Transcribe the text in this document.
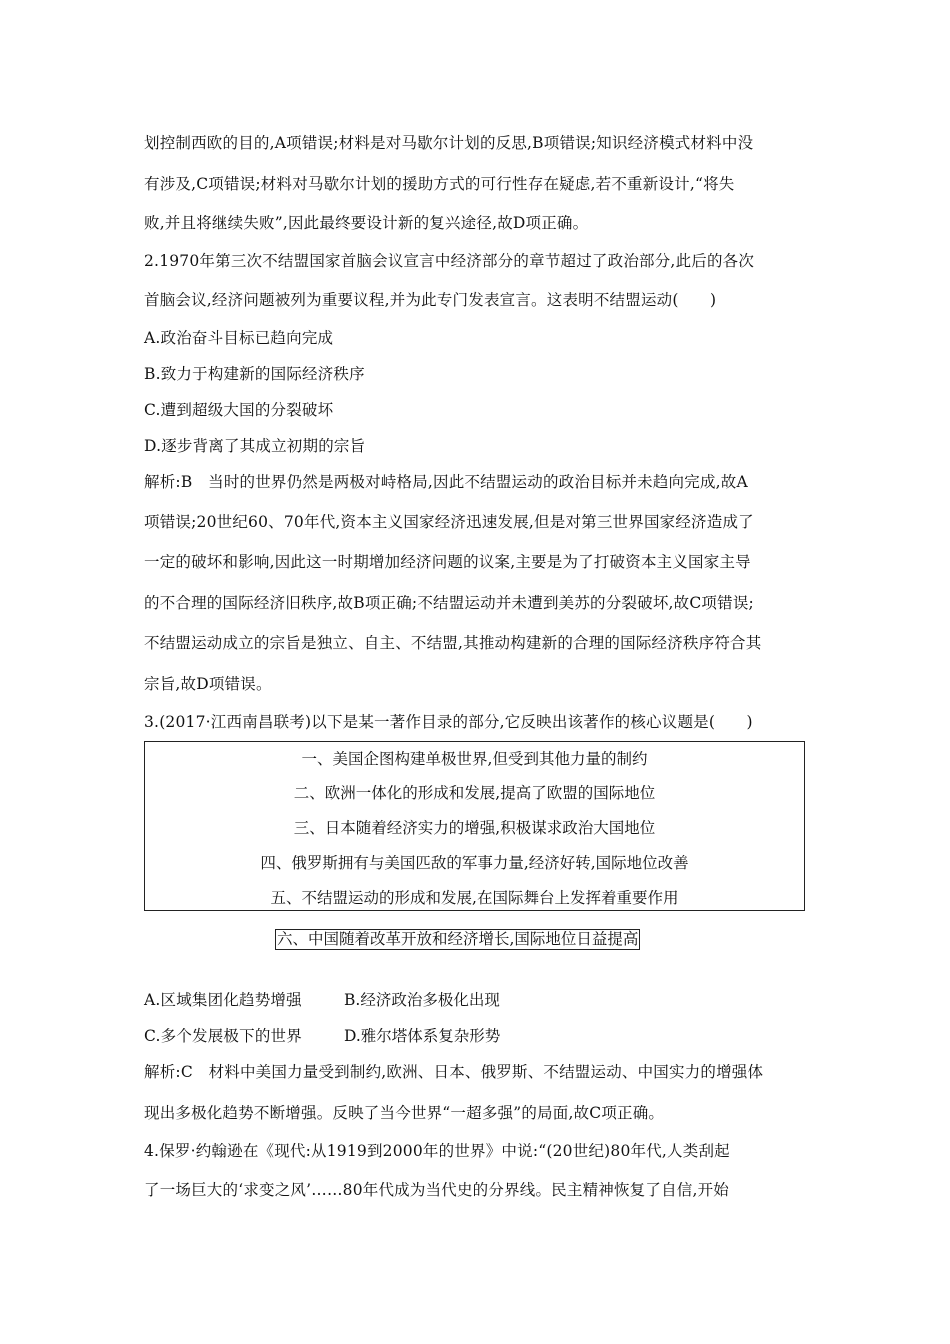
划控制西欧的目的,A项错误;材料是对马歇尔计划的反思,B项错误;知识经济模式材料中没
有涉及,C项错误;材料对马歇尔计划的援助方式的可行性存在疑虑,若不重新设计,“将失
败,并且将继续失败”,因此最终要设计新的复兴途径,故D项正确。
2.1970年第三次不结盟国家首脑会议宣言中经济部分的章节超过了政治部分,此后的各次
首脑会议,经济问题被列为重要议程,并为此专门发表宣言。这表明不结盟运动(　　)
A.政治奋斗目标已趋向完成
B.致力于构建新的国际经济秩序
C.遭到超级大国的分裂破坏
D.逐步背离了其成立初期的宗旨
解析:B　当时的世界仍然是两极对峙格局,因此不结盟运动的政治目标并未趋向完成,故A
项错误;20世纪60、70年代,资本主义国家经济迅速发展,但是对第三世界国家经济造成了
一定的破坏和影响,因此这一时期增加经济问题的议案,主要是为了打破资本主义国家主导
的不合理的国际经济旧秩序,故B项正确;不结盟运动并未遭到美苏的分裂破坏,故C项错误;
不结盟运动成立的宗旨是独立、自主、不结盟,其推动构建新的合理的国际经济秩序符合其
宗旨,故D项错误。
3.(2017·江西南昌联考)以下是某一著作目录的部分,它反映出该著作的核心议题是(　　)
一、美国企图构建单极世界,但受到其他力量的制约
二、欧洲一体化的形成和发展,提高了欧盟的国际地位
三、日本随着经济实力的增强,积极谋求政治大国地位
四、俄罗斯拥有与美国匹敌的军事力量,经济好转,国际地位改善
五、不结盟运动的形成和发展,在国际舞台上发挥着重要作用
六、中国随着改革开放和经济增长,国际地位日益提高
A.区域集团化趋势增强	B.经济政治多极化出现
C.多个发展极下的世界	D.雅尔塔体系复杂形势
解析:C　材料中美国力量受到制约,欧洲、日本、俄罗斯、不结盟运动、中国实力的增强体
现出多极化趋势不断增强。反映了当今世界“一超多强”的局面,故C项正确。
4.保罗·约翰逊在《现代:从1919到2000年的世界》中说:“(20世纪)80年代,人类刮起
了一场巨大的‘求变之风’……80年代成为当代史的分界线。民主精神恢复了自信,开始
